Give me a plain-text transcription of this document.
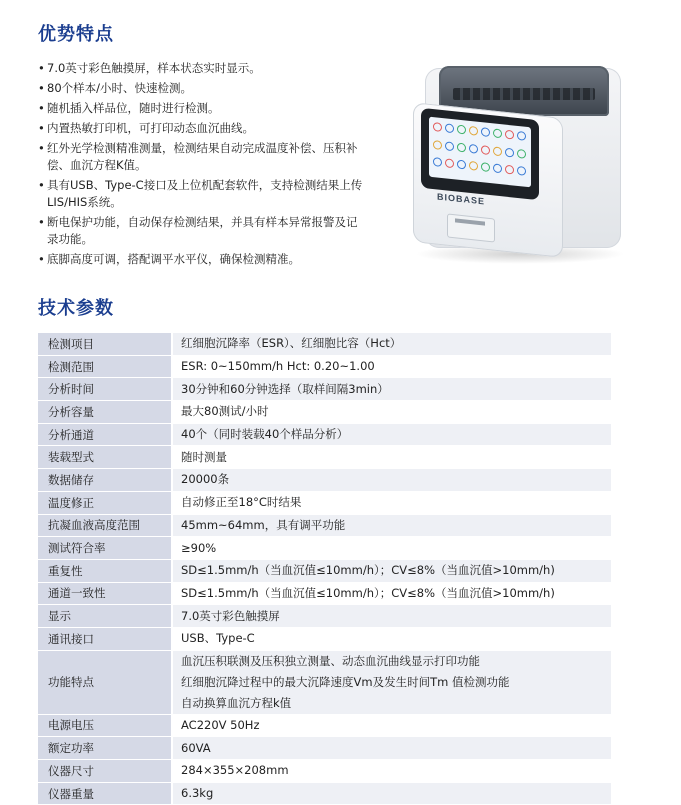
优势特点
• 7.0英寸彩色触摸屏，样本状态实时显示。
• 80个样本/小时、快速检测。
• 随机插入样品位，随时进行检测。
• 内置热敏打印机，可打印动态血沉曲线。
• 红外光学检测精准测量，检测结果自动完成温度补偿、压积补偿、血沉方程K值。
• 具有USB、Type-C接口及上位机配套软件，支持检测结果上传LIS/HIS系统。
• 断电保护功能，自动保存检测结果，并具有样本异常报警及记录功能。
• 底脚高度可调，搭配调平水平仪，确保检测精准。
BIOBASE
技术参数
检测项目	红细胞沉降率（ESR）、红细胞比容（Hct）

检测范围	ESR: 0~150mm/h Hct: 0.20~1.00

分析时间	30分钟和60分钟选择（取样间隔3min）

分析容量	最大80测试/小时

分析通道	40个（同时装载40个样品分析）

装载型式	随时测量

数据储存	20000条

温度修正	自动修正至18°C时结果

抗凝血液高度范围	45mm~64mm，具有调平功能

测试符合率	≥90%

重复性	SD≤1.5mm/h（当血沉值≤10mm/h）；CV≤8%（当血沉值>10mm/h)

通道一致性	SD≤1.5mm/h（当血沉值≤10mm/h）；CV≤8%（当血沉值>10mm/h)

显示	7.0英寸彩色触摸屏

通讯接口	USB、Type-C

功能特点	血沉压积联测及压积独立测量、动态血沉曲线显示打印功能
红细胞沉降过程中的最大沉降速度Vm及发生时间Tm 值检测功能
自动换算血沉方程k值

电源电压	AC220V 50Hz

额定功率	60VA

仪器尺寸	284×355×208mm

仪器重量	6.3kg
